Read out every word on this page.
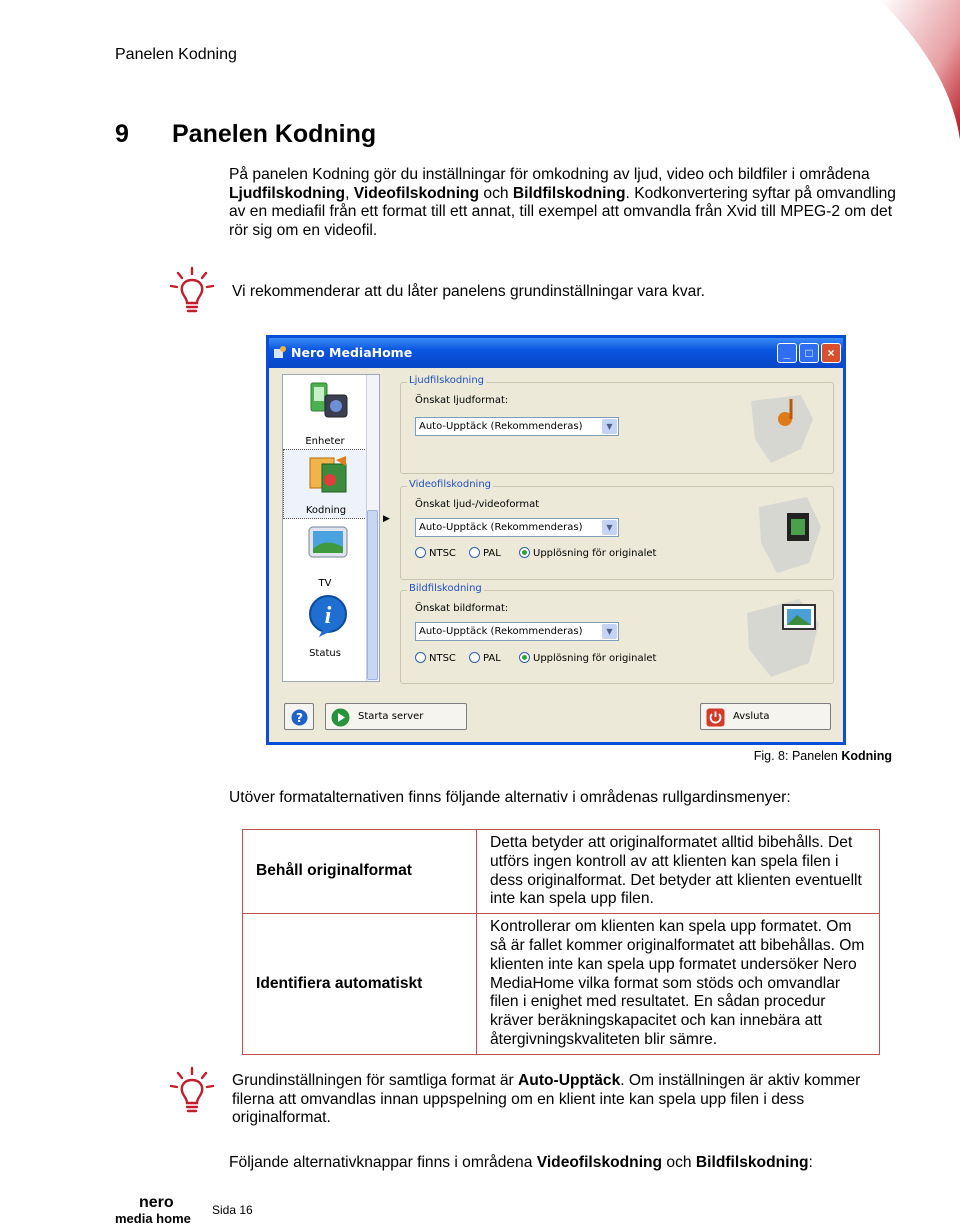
Panelen Kodning
9 Panelen Kodning
På panelen Kodning gör du inställningar för omkodning av ljud, video och bildfiler i områdena Ljudfilskodning, Videofilskodning och Bildfilskodning. Kodkonvertering syftar på omvandling av en mediafil från ett format till ett annat, till exempel att omvandla från Xvid till MPEG-2 om det rör sig om en videofil.
Vi rekommenderar att du låter panelens grundinställningar vara kvar.
Nero MediaHome	_	□	×
Enheter
Kodning
▶
TV
i
Status
Ljudfilskodning
Önskat ljudformat:
Auto-Upptäck (Rekommenderas)	▼
Videofilskodning
Önskat ljud-/videoformat
Auto-Upptäck (Rekommenderas)	▼
NTSC	PAL	Upplösning för originalet
Bildfilskodning
Önskat bildformat:
Auto-Upptäck (Rekommenderas)	▼
NTSC	PAL	Upplösning för originalet
?	Starta server	Avsluta
Fig. 8: Panelen Kodning
Utöver formatalternativen finns följande alternativ i områdenas rullgardinsmenyer:
Behåll originalformat	Detta betyder att originalformatet alltid bibehålls. Det utförs ingen kontroll av att klienten kan spela filen i dess originalformat. Det betyder att klienten eventuellt inte kan spela upp filen.
Identifiera automatiskt	Kontrollerar om klienten kan spela upp formatet. Om så är fallet kommer originalformatet att bibehållas. Om klienten inte kan spela upp formatet undersöker Nero MediaHome vilka format som stöds och omvandlar filen i enighet med resultatet. En sådan procedur kräver beräkningskapacitet och kan innebära att återgivningskvaliteten blir sämre.
Grundinställningen för samtliga format är Auto-Upptäck. Om inställningen är aktiv kommer filerna att omvandlas innan uppspelning om en klient inte kan spela upp filen i dess originalformat.
Följande alternativknappar finns i områdena Videofilskodning och Bildfilskodning:
nero
media home
Sida 16
